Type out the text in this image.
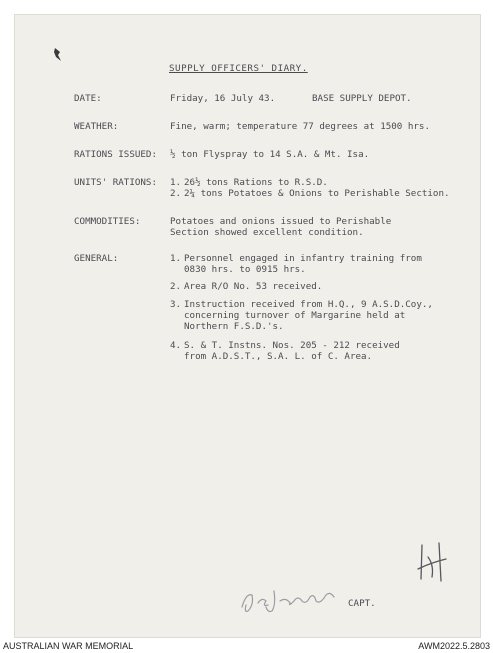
SUPPLY OFFICERS' DIARY.
DATE:	Friday, 16 July 43.	BASE SUPPLY DEPOT.
WEATHER:	Fine, warm; temperature 77 degrees at 1500 hrs.
RATIONS ISSUED: ½ ton Flyspray to 14 S.A. & Mt. Isa.
UNITS' RATIONS: 1. 26½ tons Rations to R.S.D.
2. 2¼ tons Potatoes & Onions to Perishable Section.
COMMODITIES:	Potatoes and onions issued to Perishable
Section showed excellent condition.
GENERAL:	1. Personnel engaged in infantry training from
0830 hrs. to 0915 hrs.
2. Area R/O No. 53 received.
3. Instruction received from H.Q., 9 A.S.D.Coy.,
concerning turnover of Margarine held at
Northern F.S.D.'s.
4. S. & T. Instns. Nos. 205 - 212 received
from A.D.S.T., S.A. L. of C. Area.
CAPT.
AUSTRALIAN WAR MEMORIAL	AWM2022.5.2803
